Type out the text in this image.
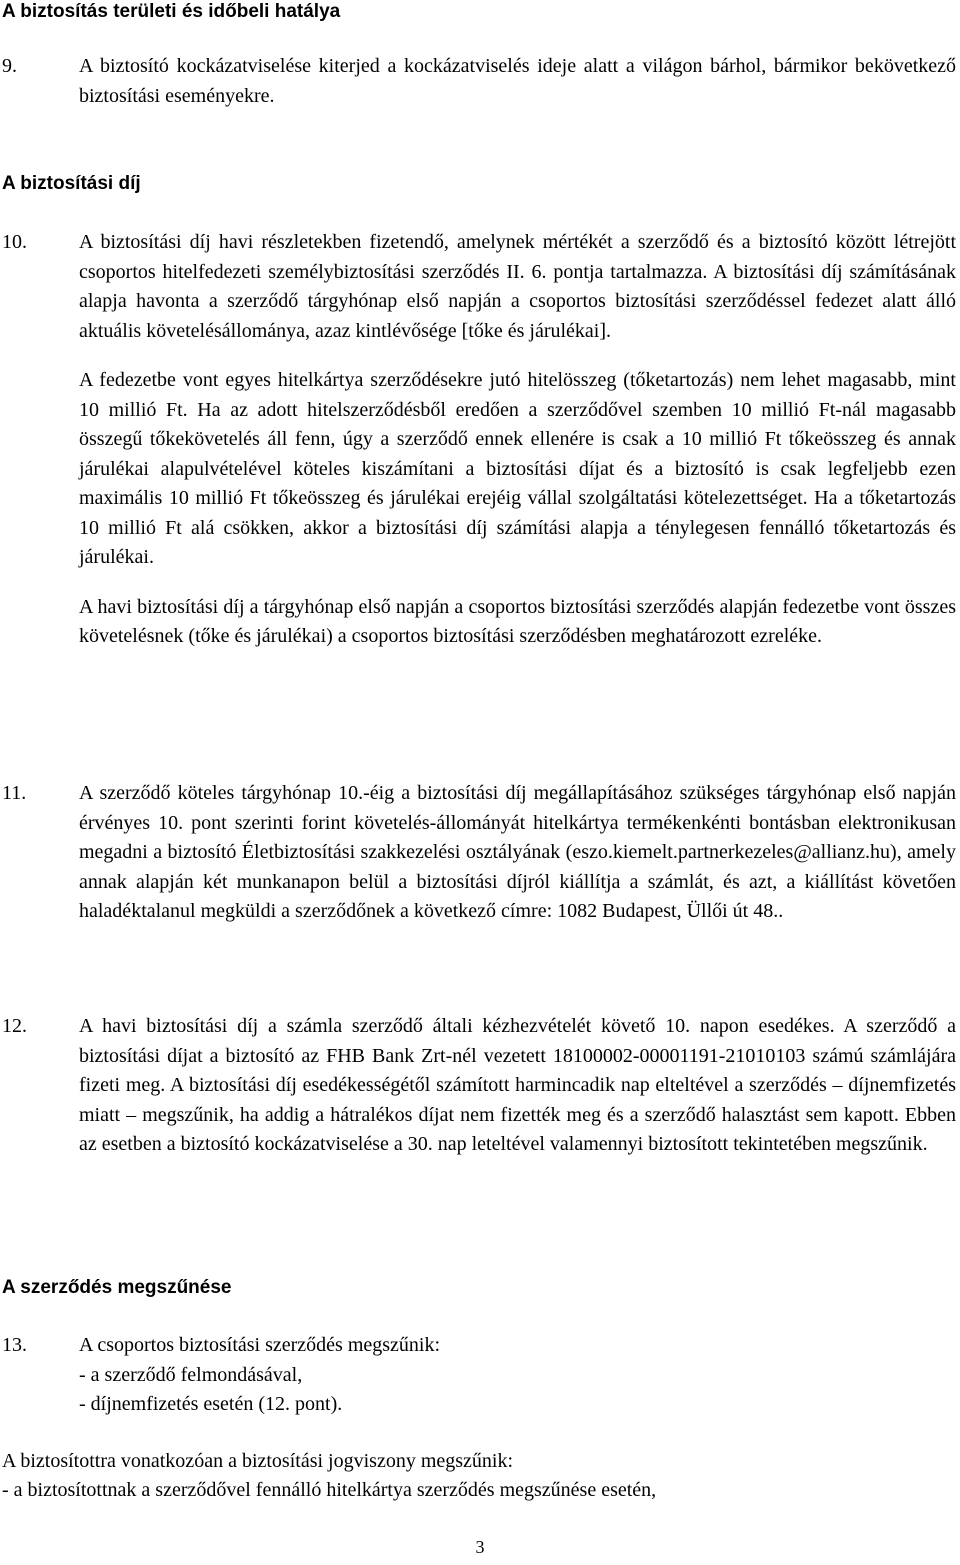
A biztosítás területi és időbeli hatálya
9.	A biztosító kockázatviselése kiterjed a kockázatviselés ideje alatt a világon bárhol, bármikor bekövetkező biztosítási eseményekre.

A biztosítási díj
10.	A biztosítási díj havi részletekben fizetendő, amelynek mértékét a szerződő és a biztosító között létrejött csoportos hitelfedezeti személybiztosítási szerződés II. 6. pontja tartalmazza. A biztosítási díj számításának alapja havonta a szerződő tárgyhónap első napján a csoportos biztosítási szerződéssel fedezet alatt álló aktuális követelésállománya, azaz kintlévősége [tőke és járulékai].

A fedezetbe vont egyes hitelkártya szerződésekre jutó hitelösszeg (tőketartozás) nem lehet magasabb, mint 10 millió Ft. Ha az adott hitelszerződésből eredően a szerződővel szemben 10 millió Ft-nál magasabb összegű tőkekövetelés áll fenn, úgy a szerződő ennek ellenére is csak a 10 millió Ft tőkeösszeg és annak járulékai alapulvételével köteles kiszámítani a biztosítási díjat és a biztosító is csak legfeljebb ezen maximális 10 millió Ft tőkeösszeg és járulékai erejéig vállal szolgáltatási kötelezettséget. Ha a tőketartozás 10 millió Ft alá csökken, akkor a biztosítási díj számítási alapja a ténylegesen fennálló tőketartozás és járulékai.

A havi biztosítási díj a tárgyhónap első napján a csoportos biztosítási szerződés alapján fedezetbe vont összes követelésnek (tőke és járulékai) a csoportos biztosítási szerződésben meghatározott ezreléke.

11.	A szerződő köteles tárgyhónap 10.-éig a biztosítási díj megállapításához szükséges tárgyhónap első napján érvényes 10. pont szerinti forint követelés-állományát hitelkártya termékenkénti bontásban elektronikusan megadni a biztosító Életbiztosítási szakkezelési osztályának (eszo.kiemelt.partnerkezeles@allianz.hu), amely annak alapján két munkanapon belül a biztosítási díjról kiállítja a számlát, és azt, a kiállítást követően haladéktalanul megküldi a szerződőnek a következő címre: 1082 Budapest, Üllői út 48..

12.	A havi biztosítási díj a számla szerződő általi kézhezvételét követő 10. napon esedékes. A szerződő a biztosítási díjat a biztosító az FHB Bank Zrt-nél vezetett 18100002-00001191-21010103 számú számlájára fizeti meg. A biztosítási díj esedékességétől számított harmincadik nap elteltével a szerződés – díjnemfizetés miatt – megszűnik, ha addig a hátralékos díjat nem fizették meg és a szerződő halasztást sem kapott. Ebben az esetben a biztosító kockázatviselése a 30. nap leteltével valamennyi biztosított tekintetében megszűnik.

A szerződés megszűnése
13.	A csoportos biztosítási szerződés megszűnik:
- a szerződő felmondásával,
- díjnemfizetés esetén (12. pont).
A biztosítottra vonatkozóan a biztosítási jogviszony megszűnik:
- a biztosítottnak a szerződővel fennálló hitelkártya szerződés megszűnése esetén,
3
